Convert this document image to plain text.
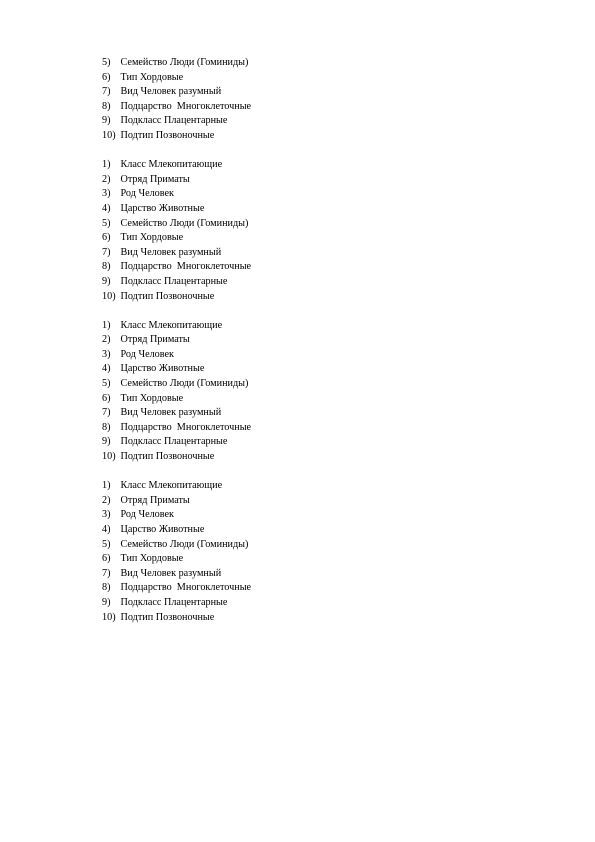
5) Семейство Люди (Гоминиды)
6) Тип Хордовые
7) Вид Человек разумный
8) Подцарство  Многоклеточные
9) Подкласс Плацентарные
10) Подтип Позвоночные
1) Класс Млекопитающие
2) Отряд Приматы
3) Род Человек
4) Царство Животные
5) Семейство Люди (Гоминиды)
6) Тип Хордовые
7) Вид Человек разумный
8) Подцарство  Многоклеточные
9) Подкласс Плацентарные
10) Подтип Позвоночные
1) Класс Млекопитающие
2) Отряд Приматы
3) Род Человек
4) Царство Животные
5) Семейство Люди (Гоминиды)
6) Тип Хордовые
7) Вид Человек разумный
8) Подцарство  Многоклеточные
9) Подкласс Плацентарные
10) Подтип Позвоночные
1) Класс Млекопитающие
2) Отряд Приматы
3) Род Человек
4) Царство Животные
5) Семейство Люди (Гоминиды)
6) Тип Хордовые
7) Вид Человек разумный
8) Подцарство  Многоклеточные
9) Подкласс Плацентарные
10) Подтип Позвоночные
